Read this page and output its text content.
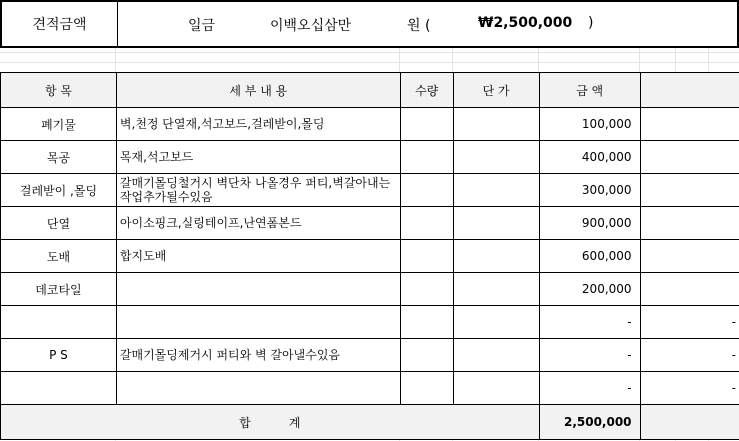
견적금액	일금	이백오십삼만	원 (	₩2,500,000 )
항 목	세 부 내 용	수량	단 가	금 액	
폐기물	벽,천정 단열재,석고보드,걸레받이,몰딩			100,000	
목공	목재,석고보드			400,000	
걸레받이 ,몰딩	갈매기몰딩철거시 벽단차 나올경우 퍼티,벽갈아내는 작업추가될수있음			300,000	
단열	아이소핑크,실링테이프,난연폼본드			900,000	
도배	합지도배			600,000	
데코타일				200,000	
				-	-
P S	갈매기몰딩제거시 퍼티와 벽 갈아낼수있음			-	-
				-	-
합          계				2,500,000	
